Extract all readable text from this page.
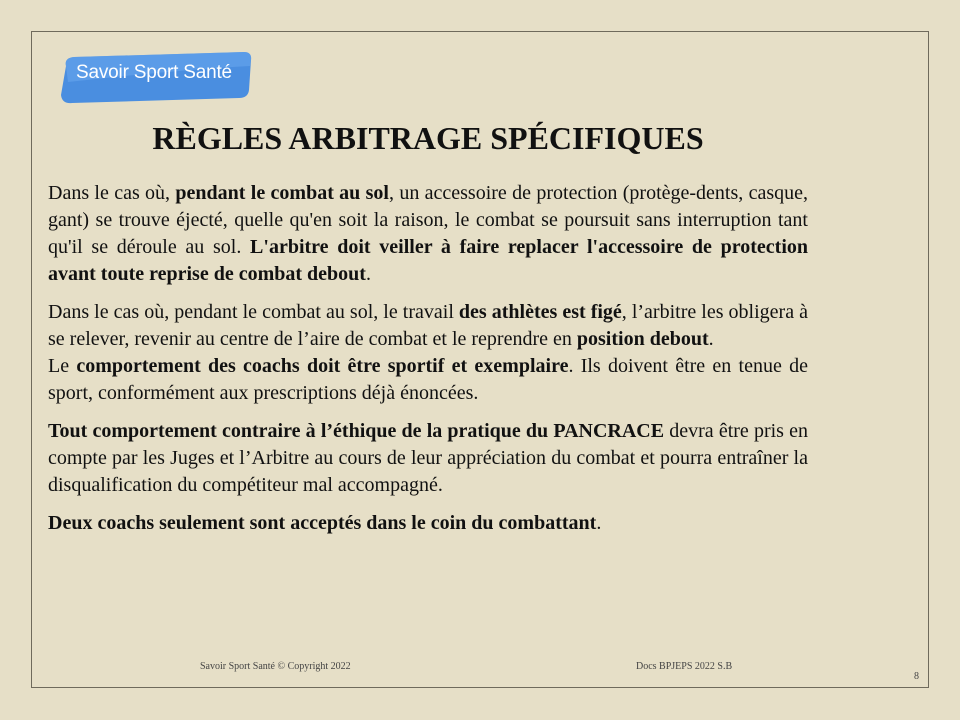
Savoir Sport Santé
RÈGLES ARBITRAGE SPÉCIFIQUES

Dans le cas où, pendant le combat au sol, un accessoire de protection (protège-dents, casque, gant) se trouve éjecté, quelle qu'en soit la raison, le combat se poursuit sans interruption tant qu'il se déroule au sol. L'arbitre doit veiller à faire replacer l'accessoire de protection avant toute reprise de combat debout.

Dans le cas où, pendant le combat au sol, le travail des athlètes est figé, l’arbitre les obligera à se relever, revenir au centre de l’aire de combat et le reprendre en position debout.

Le comportement des coachs doit être sportif et exemplaire. Ils doivent être en tenue de sport, conformément aux prescriptions déjà énoncées.

Tout comportement contraire à l’éthique de la pratique du PANCRACE devra être pris en compte par les Juges et l’Arbitre au cours de leur appréciation du combat et pourra entraîner la disqualification du compétiteur mal accompagné.

Deux coachs seulement sont acceptés dans le coin du combattant.

Savoir Sport Santé © Copyright 2022	Docs BPJEPS 2022 S.B
8
